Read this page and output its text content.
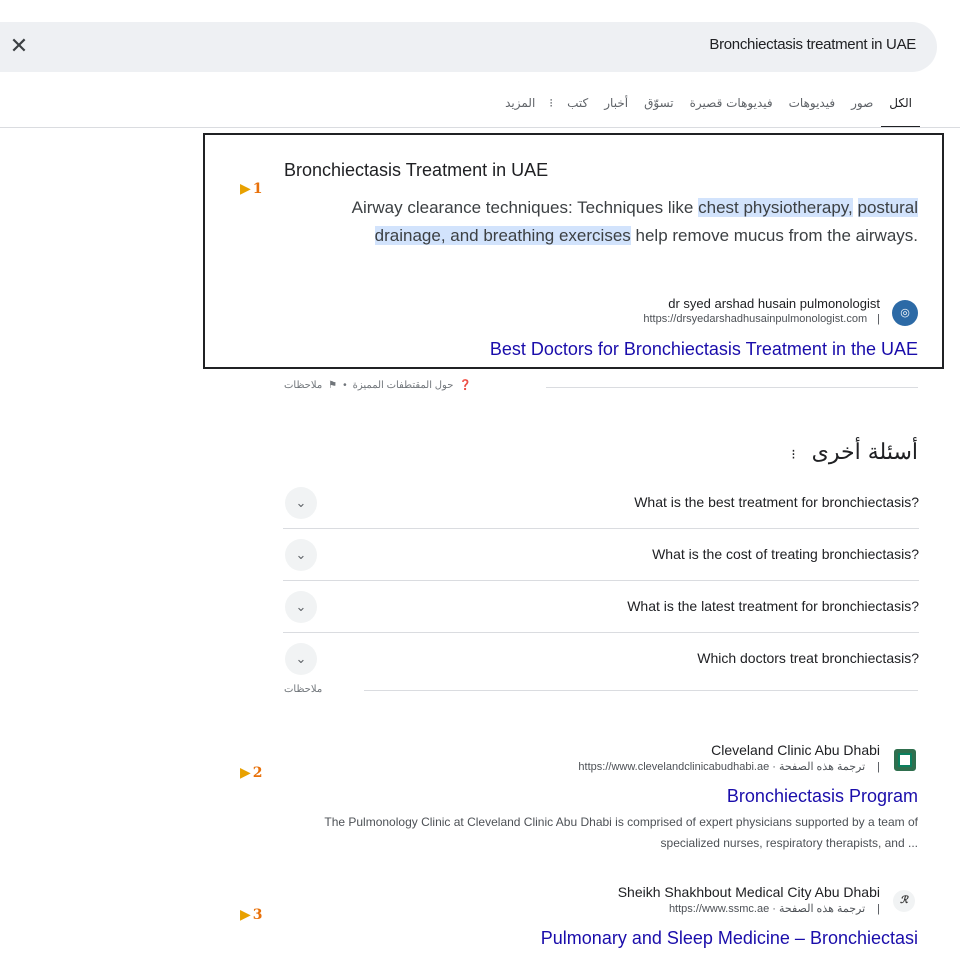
✕	Bronchiectasis treatment in UAE
الكل
صور
فيديوهات
فيديوهات قصيرة
تسوّق
أخبار
كتب
⁝
المزيد
▶ 1
Bronchiectasis Treatment in UAE
Airway clearance techniques: Techniques like chest physiotherapy, postural drainage, and breathing exercises help remove mucus from the airways.
dr syed arshad husain pulmonologist
https://drsyedarshadhusainpulmonologist.com |	◎
Best Doctors for Bronchiectasis Treatment in the UAE
ملاحظات ⚑ • حول المقتطفات المميزة ❓
⁝ أسئلة أخرى
⌄	What is the best treatment for bronchiectasis?
⌄	What is the cost of treating bronchiectasis?
⌄	What is the latest treatment for bronchiectasis?
⌄	Which doctors treat bronchiectasis?
ملاحظات
▶ 2
Cleveland Clinic Abu Dhabi
https://www.clevelandclinicabudhabi.ae · ترجمة هذه الصفحة |
Bronchiectasis Program
The Pulmonology Clinic at Cleveland Clinic Abu Dhabi is comprised of expert physicians supported by a team of specialized nurses, respiratory therapists, and ...
▶ 3
Sheikh Shakhbout Medical City Abu Dhabi
https://www.ssmc.ae · ترجمة هذه الصفحة |
ℛ
Pulmonary and Sleep Medicine – Bronchiectasi
